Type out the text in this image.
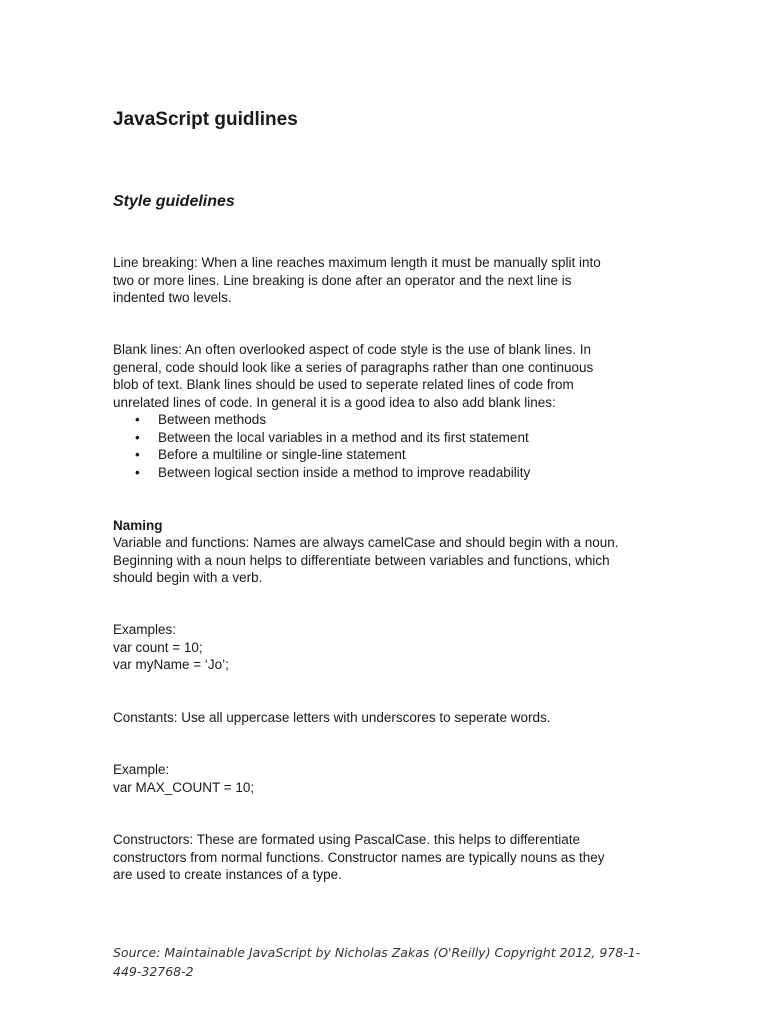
JavaScript guidlines
Style guidelines

Line breaking: When a line reaches maximum length it must be manually split into
two or more lines. Line breaking is done after an operator and the next line is
indented two levels.

Blank lines: An often overlooked aspect of code style is the use of blank lines. In
general, code should look like a series of paragraphs rather than one continuous
blob of text. Blank lines should be used to seperate related lines of code from
unrelated lines of code. In general it is a good idea to also add blank lines:

• Between methods
• Between the local variables in a method and its first statement
• Before a multiline or single-line statement
• Between logical section inside a method to improve readability
Naming

Variable and functions: Names are always camelCase and should begin with a noun.
Beginning with a noun helps to differentiate between variables and functions, which
should begin with a verb.

Examples:
var count = 10;
var myName = ‘Jo’;

Constants: Use all uppercase letters with underscores to seperate words.

Example:
var MAX_COUNT = 10;

Constructors: These are formated using PascalCase. this helps to differentiate
constructors from normal functions. Constructor names are typically nouns as they
are used to create instances of a type.

Source: Maintainable JavaScript by Nicholas Zakas (O'Reilly) Copyright 2012, 978-1-
449-32768-2
